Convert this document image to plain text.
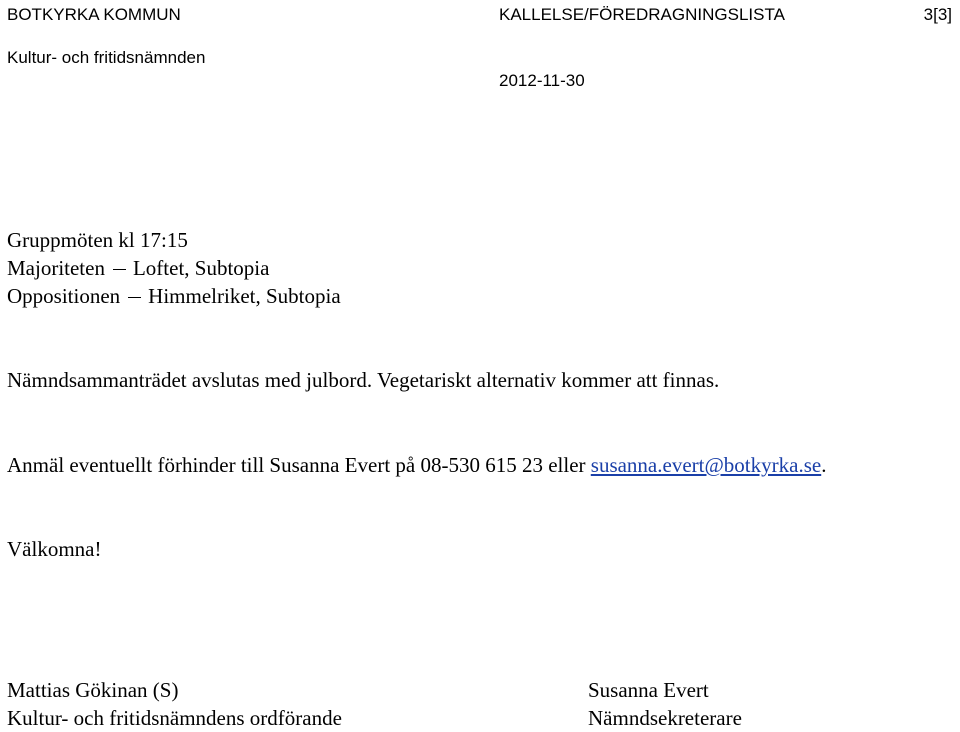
BOTKYRKA KOMMUN	KALLELSE/FÖREDRAGNINGSLISTA	3[3]
Kultur- och fritidsnämnden
2012-11-30
Gruppmöten kl 17:15
Majoriteten Loftet, Subtopia
Oppositionen Himmelriket, Subtopia
Nämndsammanträdet avslutas med julbord. Vegetariskt alternativ kommer att finnas.
Anmäl eventuellt förhinder till Susanna Evert på 08-530 615 23 eller susanna.evert@botkyrka.se.
Välkomna!
Mattias Gökinan (S)
Kultur- och fritidsnämndens ordförande
Susanna Evert
Nämndsekreterare
